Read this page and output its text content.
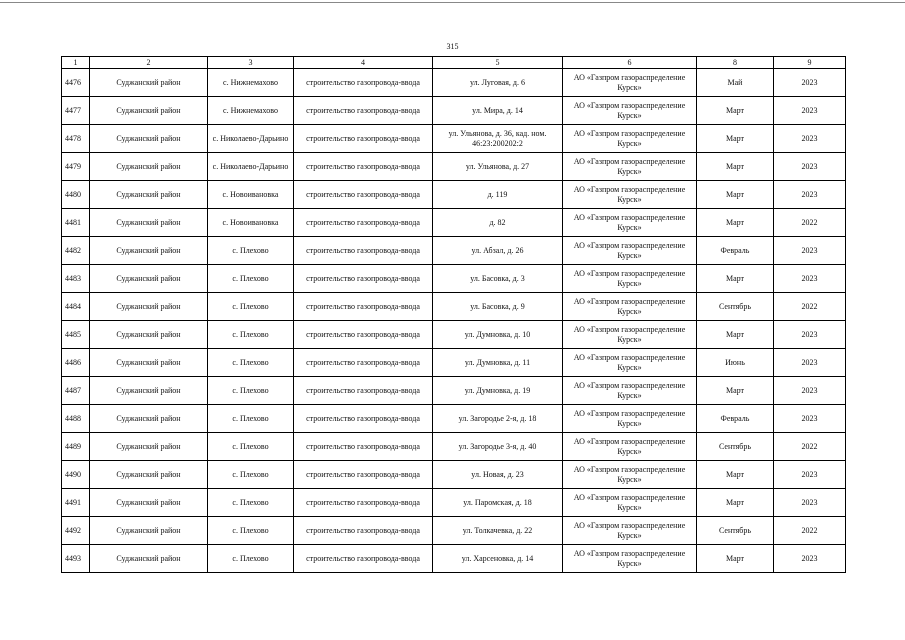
315
1	2	3	4	5	6	8	9
4476	Суджанский район	с. Нижнемахово	строительство газопровода-ввода	ул. Луговая, д. 6	АО «Газпром газораспределение Курск»	Май	2023
4477	Суджанский район	с. Нижнемахово	строительство газопровода-ввода	ул. Мира, д. 14	АО «Газпром газораспределение Курск»	Март	2023
4478	Суджанский район	с. Николаево-Дарьино	строительство газопровода-ввода	ул. Ульянова, д. 36, кад. ном. 46:23:200202:2	АО «Газпром газораспределение Курск»	Март	2023
4479	Суджанский район	с. Николаево-Дарьино	строительство газопровода-ввода	ул. Ульянова, д. 27	АО «Газпром газораспределение Курск»	Март	2023
4480	Суджанский район	с. Новоивановка	строительство газопровода-ввода	д. 119	АО «Газпром газораспределение Курск»	Март	2023
4481	Суджанский район	с. Новоивановка	строительство газопровода-ввода	д. 82	АО «Газпром газораспределение Курск»	Март	2022
4482	Суджанский район	с. Плехово	строительство газопровода-ввода	ул. Абзал, д. 26	АО «Газпром газораспределение Курск»	Февраль	2023
4483	Суджанский район	с. Плехово	строительство газопровода-ввода	ул. Басовка, д. 3	АО «Газпром газораспределение Курск»	Март	2023
4484	Суджанский район	с. Плехово	строительство газопровода-ввода	ул. Басовка, д. 9	АО «Газпром газораспределение Курск»	Сентябрь	2022
4485	Суджанский район	с. Плехово	строительство газопровода-ввода	ул. Думновка, д. 10	АО «Газпром газораспределение Курск»	Март	2023
4486	Суджанский район	с. Плехово	строительство газопровода-ввода	ул. Думновка, д. 11	АО «Газпром газораспределение Курск»	Июнь	2023
4487	Суджанский район	с. Плехово	строительство газопровода-ввода	ул. Думновка, д. 19	АО «Газпром газораспределение Курск»	Март	2023
4488	Суджанский район	с. Плехово	строительство газопровода-ввода	ул. Загородье 2-я, д. 18	АО «Газпром газораспределение Курск»	Февраль	2023
4489	Суджанский район	с. Плехово	строительство газопровода-ввода	ул. Загородье 3-я, д. 40	АО «Газпром газораспределение Курск»	Сентябрь	2022
4490	Суджанский район	с. Плехово	строительство газопровода-ввода	ул. Новая, д. 23	АО «Газпром газораспределение Курск»	Март	2023
4491	Суджанский район	с. Плехово	строительство газопровода-ввода	ул. Паромская, д. 18	АО «Газпром газораспределение Курск»	Март	2023
4492	Суджанский район	с. Плехово	строительство газопровода-ввода	ул. Толкачевка, д. 22	АО «Газпром газораспределение Курск»	Сентябрь	2022
4493	Суджанский район	с. Плехово	строительство газопровода-ввода	ул. Харсеновка, д. 14	АО «Газпром газораспределение Курск»	Март	2023
